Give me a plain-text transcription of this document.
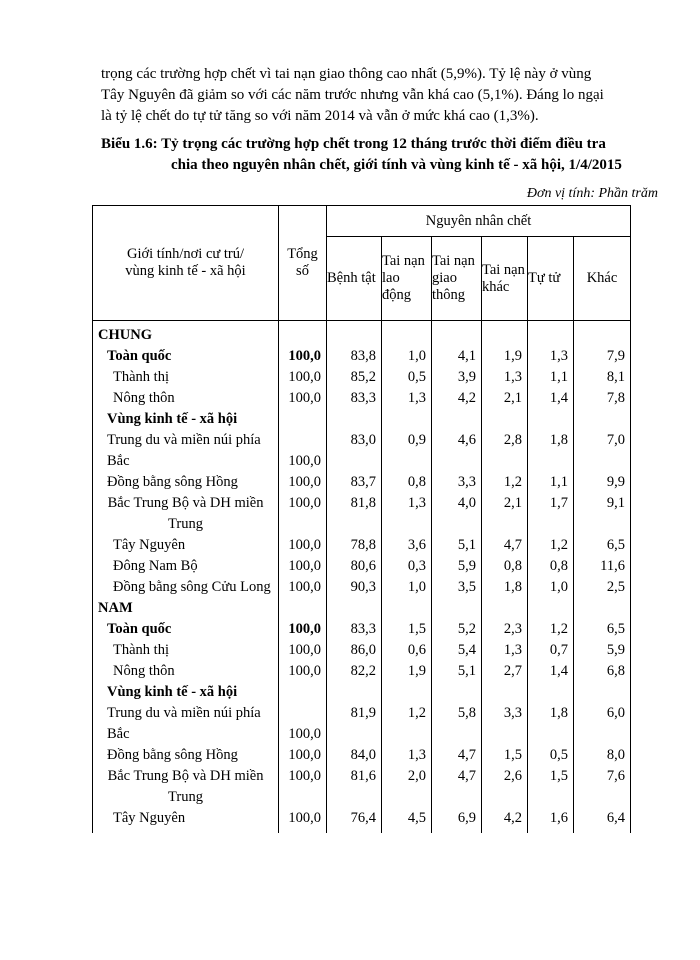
trọng các trường hợp chết vì tai nạn giao thông cao nhất (5,9%). Tỷ lệ này ở vùng
Tây Nguyên đã giảm so với các năm trước nhưng vẫn khá cao (5,1%). Đáng lo ngại
là tỷ lệ chết do tự tử tăng so với năm 2014 và vẫn ở mức khá cao (1,3%).
Biểu 1.6: Tỷ trọng các trường hợp chết trong 12 tháng trước thời điểm điều tra
chia theo nguyên nhân chết, giới tính và vùng kinh tế - xã hội, 1/4/2015
Đơn vị tính: Phần trăm
Giới tính/nơi cư trú/ vùng kinh tế - xã hội	Tổng số	Nguyên nhân chết					
		Bệnh tật	Tai nạn lao động	Tai nạn giao thông	Tai nạn khác	Tự tử	Khác
CHUNG							
Toàn quốc	100,0	83,8	1,0	4,1	1,9	1,3	7,9
Thành thị	100,0	85,2	0,5	3,9	1,3	1,1	8,1
Nông thôn	100,0	83,3	1,3	4,2	2,1	1,4	7,8
Vùng kinh tế - xã hội							
Trung du và miền núi phía Bắc	100,0	83,0	0,9	4,6	2,8	1,8	7,0
Đồng bằng sông Hồng	100,0	83,7	0,8	3,3	1,2	1,1	9,9
Bắc Trung Bộ và DH miền Trung	100,0	81,8	1,3	4,0	2,1	1,7	9,1
Tây Nguyên	100,0	78,8	3,6	5,1	4,7	1,2	6,5
Đông Nam Bộ	100,0	80,6	0,3	5,9	0,8	0,8	11,6
Đồng bằng sông Cửu Long	100,0	90,3	1,0	3,5	1,8	1,0	2,5
NAM							
Toàn quốc	100,0	83,3	1,5	5,2	2,3	1,2	6,5
Thành thị	100,0	86,0	0,6	5,4	1,3	0,7	5,9
Nông thôn	100,0	82,2	1,9	5,1	2,7	1,4	6,8
Vùng kinh tế - xã hội							
Trung du và miền núi phía Bắc	100,0	81,9	1,2	5,8	3,3	1,8	6,0
Đồng bằng sông Hồng	100,0	84,0	1,3	4,7	1,5	0,5	8,0
Bắc Trung Bộ và DH miền Trung	100,0	81,6	2,0	4,7	2,6	1,5	7,6
Tây Nguyên	100,0	76,4	4,5	6,9	4,2	1,6	6,4
